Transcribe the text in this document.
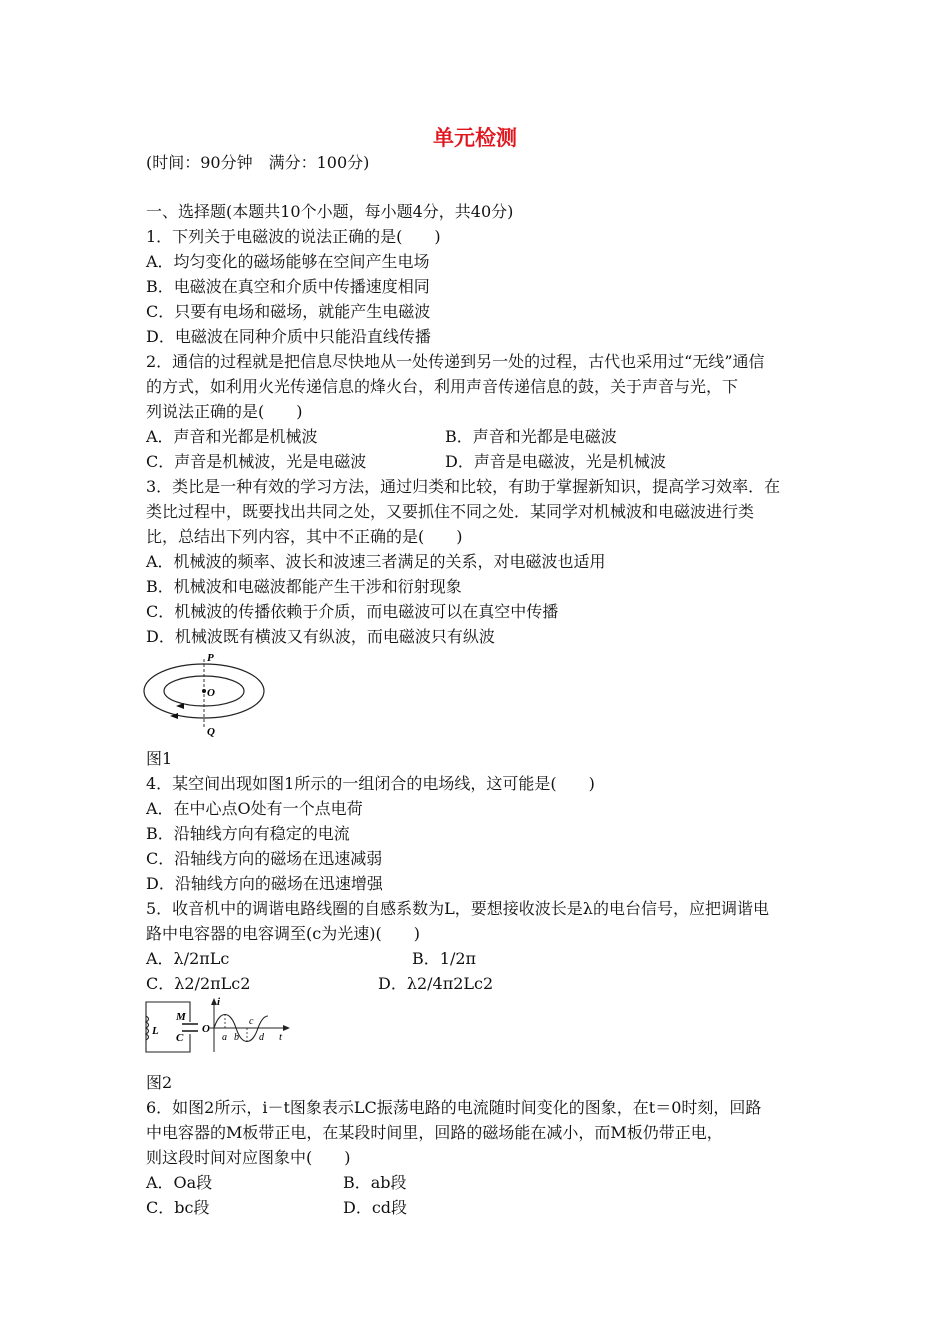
单元检测
(时间：90分钟　满分：100分)
一、选择题(本题共10个小题，每小题4分，共40分)
1．下列关于电磁波的说法正确的是(　　)
A．均匀变化的磁场能够在空间产生电场
B．电磁波在真空和介质中传播速度相同
C．只要有电场和磁场，就能产生电磁波
D．电磁波在同种介质中只能沿直线传播
2．通信的过程就是把信息尽快地从一处传递到另一处的过程，古代也采用过“无线”通信
的方式，如利用火光传递信息的烽火台，利用声音传递信息的鼓，关于声音与光，下
列说法正确的是(　　)
A．声音和光都是机械波	B．声音和光都是电磁波
C．声音是机械波，光是电磁波	D．声音是电磁波，光是机械波
3．类比是一种有效的学习方法，通过归类和比较，有助于掌握新知识，提高学习效率．在
类比过程中，既要找出共同之处，又要抓住不同之处．某同学对机械波和电磁波进行类
比，总结出下列内容，其中不正确的是(　　)
A．机械波的频率、波长和波速三者满足的关系，对电磁波也适用
B．机械波和电磁波都能产生干涉和衍射现象
C．机械波的传播依赖于介质，而电磁波可以在真空中传播
D．机械波既有横波又有纵波，而电磁波只有纵波
P
O
Q
图1
4．某空间出现如图1所示的一组闭合的电场线，这可能是(　　)
A．在中心点O处有一个点电荷
B．沿轴线方向有稳定的电流
C．沿轴线方向的磁场在迅速减弱
D．沿轴线方向的磁场在迅速增强
5．收音机中的调谐电路线圈的自感系数为L，要想接收波长是λ的电台信号，应把调谐电
路中电容器的电容调至(c为光速)(　　)
A．λ/2πLc	B．1/2π
C．λ2/2πLc2	D．λ2/4π2Lc2
L
M
C
O
i
a b
c
d t
图2
6．如图2所示，i－t图象表示LC振荡电路的电流随时间变化的图象，在t＝0时刻，回路
中电容器的M板带正电，在某段时间里，回路的磁场能在减小，而M板仍带正电，
则这段时间对应图象中(　　)
A．Oa段	B．ab段
C．bc段	D．cd段
